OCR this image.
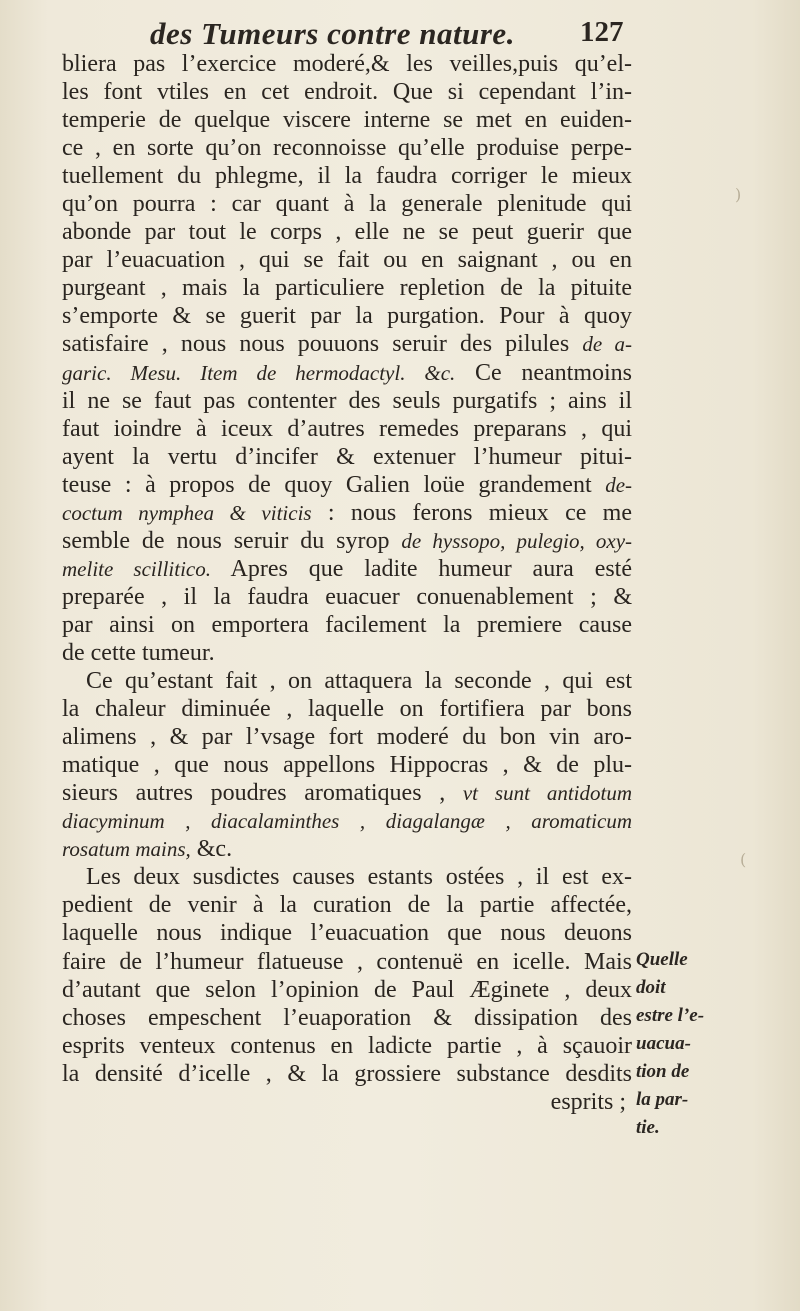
des Tumeurs contre nature. 127
bliera pas l’exercice moderé,& les veilles,puis qu’el-
les font vtiles en cet endroit. Que si cependant l’in-
temperie de quelque viscere interne se met en euiden-
ce , en sorte qu’on reconnoisse qu’elle produise perpe-
tuellement du phlegme, il la faudra corriger le mieux
qu’on pourra : car quant à la generale plenitude qui
abonde par tout le corps , elle ne se peut guerir que
par l’euacuation , qui se fait ou en saignant , ou en
purgeant , mais la particuliere repletion de la pituite
s’emporte & se guerit par la purgation. Pour à quoy
satisfaire , nous nous pouuons seruir des pilules de a-
garic. Mesu. Item de hermodactyl. &c. Ce neantmoins
il ne se faut pas contenter des seuls purgatifs ; ains il
faut ioindre à iceux d’autres remedes preparans , qui
ayent la vertu d’incifer & extenuer l’humeur pitui-
teuse : à propos de quoy Galien loüe grandement de-
coctum nymphea & viticis : nous ferons mieux ce me
semble de nous seruir du syrop de hyssopo, pulegio, oxy-
melite scillitico. Apres que ladite humeur aura esté
preparée , il la faudra euacuer conuenablement ; &
par ainsi on emportera facilement la premiere cause
de cette tumeur.
Ce qu’estant fait , on attaquera la seconde , qui est
la chaleur diminuée , laquelle on fortifiera par bons
alimens , & par l’vsage fort moderé du bon vin aro-
matique , que nous appellons Hippocras , & de plu-
sieurs autres poudres aromatiques , vt sunt antidotum
diacyminum , diacalaminthes , diagalangæ , aromaticum
rosatum mains, &c.
Les deux susdictes causes estants ostées , il est ex-
pedient de venir à la curation de la partie affectée,
laquelle nous indique l’euacuation que nous deuons
faire de l’humeur flatueuse , contenuë en icelle. Mais
d’autant que selon l’opinion de Paul Æginete , deux
choses empeschent l’euaporation & dissipation des
esprits venteux contenus en ladicte partie , à sçauoir
la densité d’icelle , & la grossiere substance desdits
esprits ;
Quelle
doit
estre l’e-
uacua-
tion de
la par-
tie.
)
(
